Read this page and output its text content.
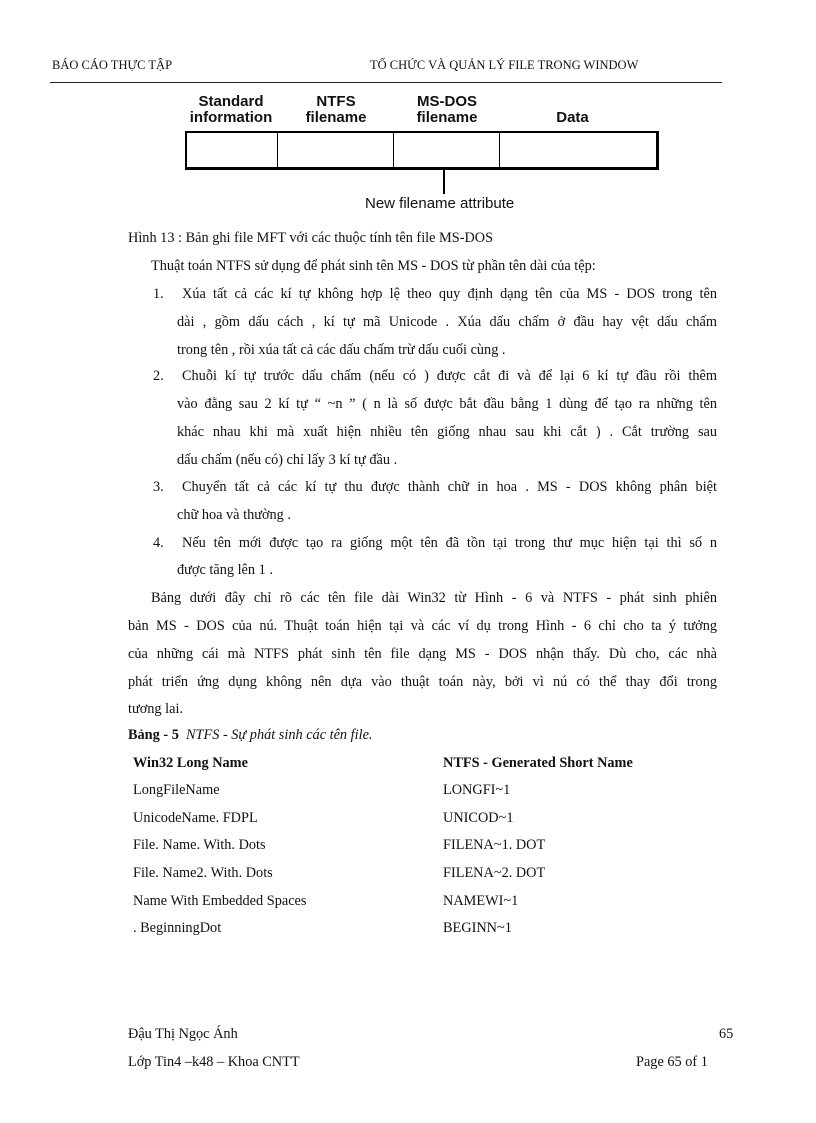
BÁO CÁO THỰC TẬP	TỔ CHỨC VÀ QUẢN LÝ FILE TRONG WINDOW
Standard
information
NTFS
filename
MS-DOS
filename	Data
New filename attribute
Hình 13 : Bản ghi file MFT với các thuộc tính tên file MS-DOS
Thuật toán NTFS sử dụng để phát sinh tên MS - DOS từ phần tên dài của tệp:
1. Xúa tất cả các kí tự không hợp lệ theo quy định dạng tên của MS - DOS trong tên
dài , gồm dấu cách , kí tự mã Unicode . Xúa dấu chấm ở đầu hay vệt dấu chấm
trong tên , rồi xúa tất cả các dấu chấm trừ dấu cuối cùng .
2. Chuỗi kí tự trước dấu chấm (nếu có ) được cắt đi và để lại 6 kí tự đầu rồi thêm
vào đằng sau 2 kí tự “ ~n ” ( n là số được bắt đầu bằng 1 dùng để tạo ra những tên
khác nhau khi mà xuất hiện nhiều tên giống nhau sau khi cắt ) . Cắt trường sau
dấu chấm (nếu có) chỉ lấy 3 kí tự đầu .
3. Chuyển tất cả các kí tự thu được thành chữ in hoa . MS - DOS không phân biệt
chữ hoa và thường .
4. Nếu tên mới được tạo ra giống một tên đã tồn tại trong thư mục hiện tại thì số n
được tăng lên 1 .
Bảng dưới đây chỉ rõ các tên file dài Win32 từ Hình - 6 và NTFS - phát sinh phiên
bản MS - DOS của nú. Thuật toán hiện tại và các ví dụ trong Hình - 6 chỉ cho ta ý tưởng
của những cái mà NTFS phát sinh tên file dạng MS - DOS nhận thấy. Dù cho, các nhà
phát triển ứng dụng không nên dựa vào thuật toán này, bởi vì nú có thể thay đổi trong
tương lai.
Bảng - 5 NTFS - Sự phát sinh các tên file.
Win32 Long Name	NTFS - Generated Short Name
LongFileName	LONGFI~1
UnicodeName. FDPL	UNICOD~1
File. Name. With. Dots	FILENA~1. DOT
File. Name2. With. Dots	FILENA~2. DOT
Name With Embedded Spaces	NAMEWI~1
. BeginningDot	BEGINN~1
Đậu Thị Ngọc Ánh	65
Lớp Tin4 –k48 – Khoa CNTT	Page 65 of 1
